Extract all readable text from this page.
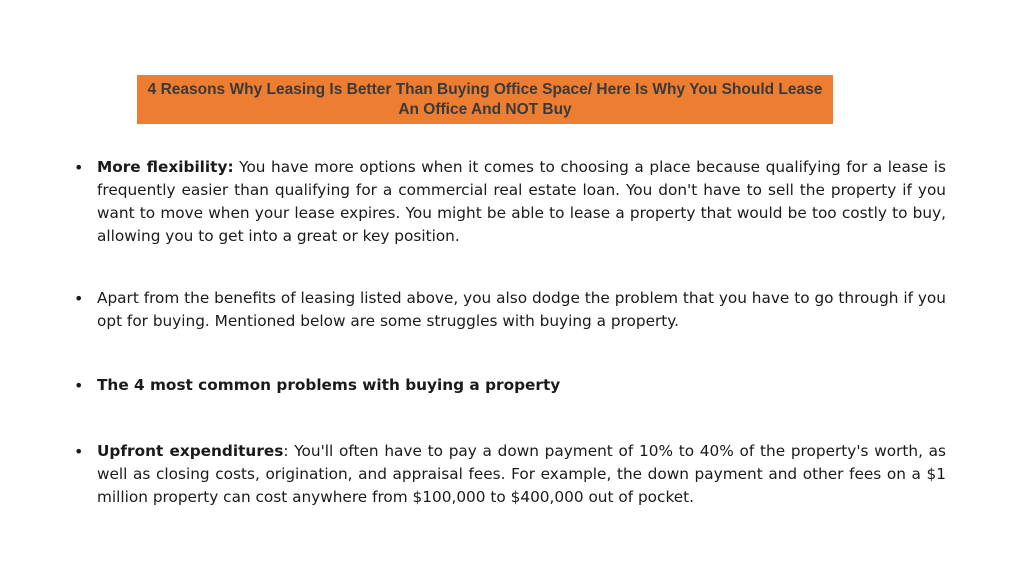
4 Reasons Why Leasing Is Better Than Buying Office Space/ Here Is Why You Should Lease An Office And NOT Buy
• More flexibility: You have more options when it comes to choosing a place because qualifying for a lease is frequently easier than qualifying for a commercial real estate loan. You don't have to sell the property if you want to move when your lease expires. You might be able to lease a property that would be too costly to buy, allowing you to get into a great or key position.
• Apart from the benefits of leasing listed above, you also dodge the problem that you have to go through if you opt for buying. Mentioned below are some struggles with buying a property.
• The 4 most common problems with buying a property
• Upfront expenditures: You'll often have to pay a down payment of 10% to 40% of the property's worth, as well as closing costs, origination, and appraisal fees. For example, the down payment and other fees on a $1 million property can cost anywhere from $100,000 to $400,000 out of pocket.
